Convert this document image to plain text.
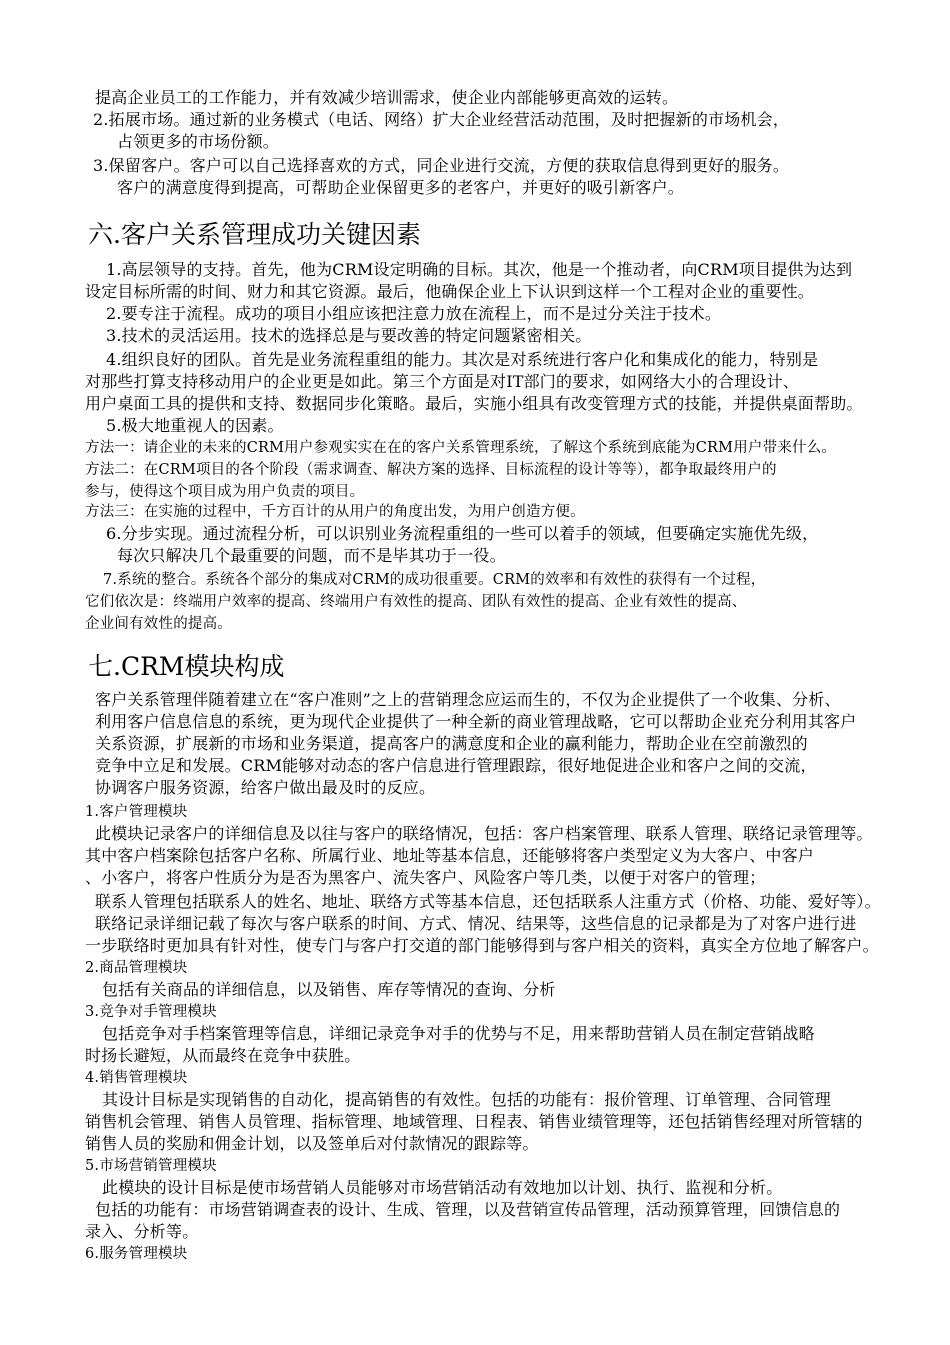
提高企业员工的工作能力，并有效减少培训需求，使企业内部能够更高效的运转。
2.拓展市场。通过新的业务模式（电话、网络）扩大企业经营活动范围，及时把握新的市场机会，
占领更多的市场份额。
3.保留客户。客户可以自己选择喜欢的方式，同企业进行交流，方便的获取信息得到更好的服务。
客户的满意度得到提高，可帮助企业保留更多的老客户，并更好的吸引新客户。
六.客户关系管理成功关键因素
1.高层领导的支持。首先，他为CRM设定明确的目标。其次，他是一个推动者，向CRM项目提供为达到
设定目标所需的时间、财力和其它资源。最后，他确保企业上下认识到这样一个工程对企业的重要性。
2.要专注于流程。成功的项目小组应该把注意力放在流程上，而不是过分关注于技术。
3.技术的灵活运用。技术的选择总是与要改善的特定问题紧密相关。
4.组织良好的团队。首先是业务流程重组的能力。其次是对系统进行客户化和集成化的能力，特别是
对那些打算支持移动用户的企业更是如此。第三个方面是对IT部门的要求，如网络大小的合理设计、
用户桌面工具的提供和支持、数据同步化策略。最后，实施小组具有改变管理方式的技能，并提供桌面帮助。
5.极大地重视人的因素。
方法一：请企业的未来的CRM用户参观实实在在的客户关系管理系统，了解这个系统到底能为CRM用户带来什么。
方法二：在CRM项目的各个阶段（需求调查、解决方案的选择、目标流程的设计等等），都争取最终用户的
参与，使得这个项目成为用户负责的项目。
方法三：在实施的过程中，千方百计的从用户的角度出发，为用户创造方便。
6.分步实现。通过流程分析，可以识别业务流程重组的一些可以着手的领域，但要确定实施优先级，
每次只解决几个最重要的问题，而不是毕其功于一役。
7.系统的整合。系统各个部分的集成对CRM的成功很重要。CRM的效率和有效性的获得有一个过程，
它们依次是：终端用户效率的提高、终端用户有效性的提高、团队有效性的提高、企业有效性的提高、
企业间有效性的提高。
七.CRM模块构成
客户关系管理伴随着建立在“客户准则”之上的营销理念应运而生的，不仅为企业提供了一个收集、分析、
利用客户信息信息的系统，更为现代企业提供了一种全新的商业管理战略，它可以帮助企业充分利用其客户
关系资源，扩展新的市场和业务渠道，提高客户的满意度和企业的赢利能力，帮助企业在空前激烈的
竞争中立足和发展。CRM能够对动态的客户信息进行管理跟踪，很好地促进企业和客户之间的交流，
协调客户服务资源，给客户做出最及时的反应。
1.客户管理模块
此模块记录客户的详细信息及以往与客户的联络情况，包括：客户档案管理、联系人管理、联络记录管理等。
其中客户档案除包括客户名称、所属行业、地址等基本信息，还能够将客户类型定义为大客户、中客户
、小客户，将客户性质分为是否为黑客户、流失客户、风险客户等几类，以便于对客户的管理；
联系人管理包括联系人的姓名、地址、联络方式等基本信息，还包括联系人注重方式（价格、功能、爱好等）。
联络记录详细记载了每次与客户联系的时间、方式、情况、结果等，这些信息的记录都是为了对客户进行进
一步联络时更加具有针对性，使专门与客户打交道的部门能够得到与客户相关的资料，真实全方位地了解客户。
2.商品管理模块
包括有关商品的详细信息，以及销售、库存等情况的查询、分析
3.竞争对手管理模块
包括竞争对手档案管理等信息，详细记录竞争对手的优势与不足，用来帮助营销人员在制定营销战略
时扬长避短，从而最终在竞争中获胜。
4.销售管理模块
其设计目标是实现销售的自动化，提高销售的有效性。包括的功能有：报价管理、订单管理、合同管理
销售机会管理、销售人员管理、指标管理、地域管理、日程表、销售业绩管理等，还包括销售经理对所管辖的
销售人员的奖励和佣金计划，以及签单后对付款情况的跟踪等。
5.市场营销管理模块
此模块的设计目标是使市场营销人员能够对市场营销活动有效地加以计划、执行、监视和分析。
包括的功能有：市场营销调查表的设计、生成、管理，以及营销宣传品管理，活动预算管理，回馈信息的
录入、分析等。
6.服务管理模块
